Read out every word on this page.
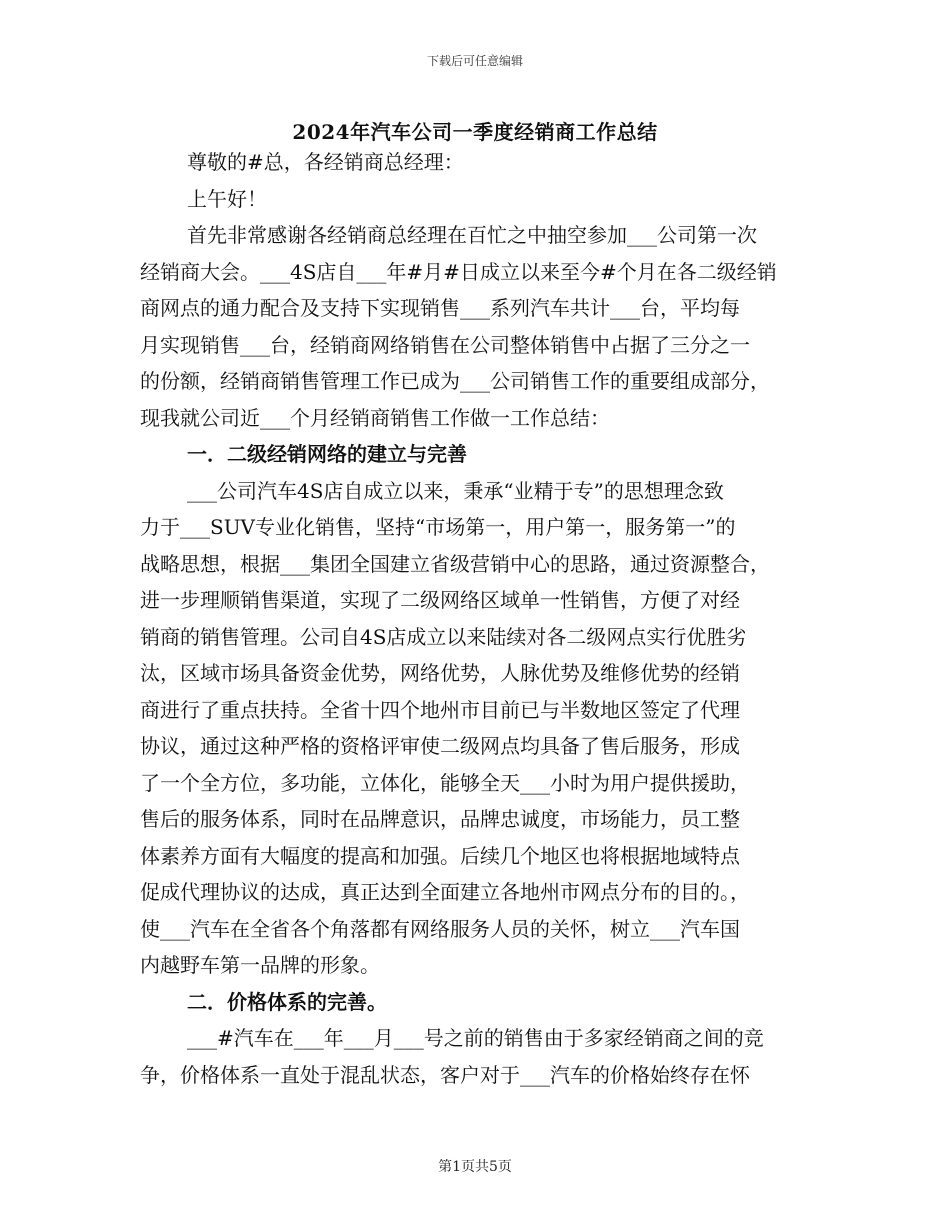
下载后可任意编辑
2024年汽车公司一季度经销商工作总结
尊敬的#总，各经销商总经理：
上午好！
首先非常感谢各经销商总经理在百忙之中抽空参加___公司第一次
经销商大会。___4S店自___年#月#日成立以来至今#个月在各二级经销
商网点的通力配合及支持下实现销售___系列汽车共计___台，平均每
月实现销售___台，经销商网络销售在公司整体销售中占据了三分之一
的份额，经销商销售管理工作已成为___公司销售工作的重要组成部分，
现我就公司近___个月经销商销售工作做一工作总结：
一．二级经销网络的建立与完善
___公司汽车4S店自成立以来，秉承“业精于专”的思想理念致
力于___SUV专业化销售，坚持“市场第一，用户第一，服务第一”的
战略思想，根据___集团全国建立省级营销中心的思路，通过资源整合，
进一步理顺销售渠道，实现了二级网络区域单一性销售，方便了对经
销商的销售管理。公司自4S店成立以来陆续对各二级网点实行优胜劣
汰，区域市场具备资金优势，网络优势，人脉优势及维修优势的经销
商进行了重点扶持。全省十四个地州市目前已与半数地区签定了代理
协议，通过这种严格的资格评审使二级网点均具备了售后服务，形成
了一个全方位，多功能，立体化，能够全天___小时为用户提供援助，
售后的服务体系，同时在品牌意识，品牌忠诚度，市场能力，员工整
体素养方面有大幅度的提高和加强。后续几个地区也将根据地域特点
促成代理协议的达成，真正达到全面建立各地州市网点分布的目的。，
使___汽车在全省各个角落都有网络服务人员的关怀，树立___汽车国
内越野车第一品牌的形象。
二．价格体系的完善。
___#汽车在___年___月___号之前的销售由于多家经销商之间的竞
争，价格体系一直处于混乱状态，客户对于___汽车的价格始终存在怀
第1页共5页
